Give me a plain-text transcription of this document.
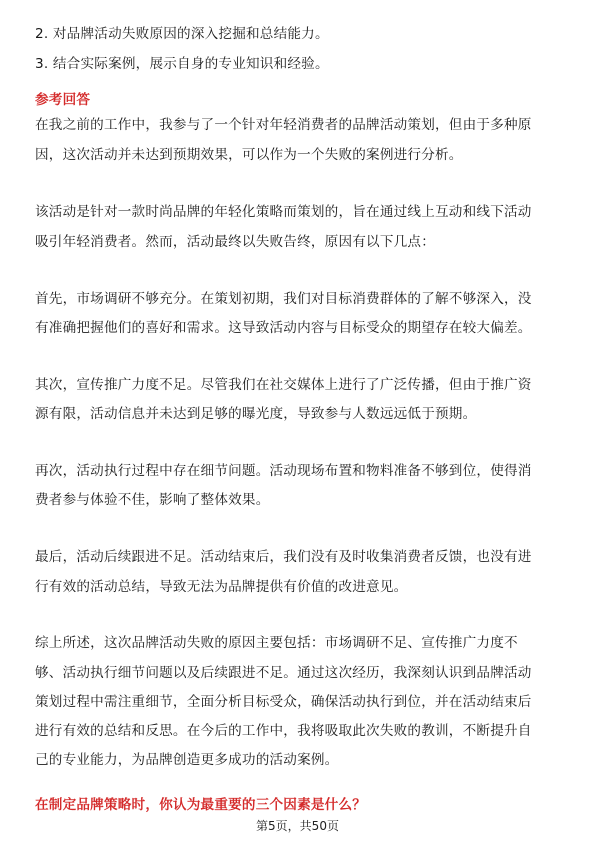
2. 对品牌活动失败原因的深入挖掘和总结能力。
3. 结合实际案例，展示自身的专业知识和经验。
参考回答
在我之前的工作中，我参与了一个针对年轻消费者的品牌活动策划，但由于多种原
因，这次活动并未达到预期效果，可以作为一个失败的案例进行分析。
该活动是针对一款时尚品牌的年轻化策略而策划的，旨在通过线上互动和线下活动
吸引年轻消费者。然而，活动最终以失败告终，原因有以下几点：
首先，市场调研不够充分。在策划初期，我们对目标消费群体的了解不够深入，没
有准确把握他们的喜好和需求。这导致活动内容与目标受众的期望存在较大偏差。
其次，宣传推广力度不足。尽管我们在社交媒体上进行了广泛传播，但由于推广资
源有限，活动信息并未达到足够的曝光度，导致参与人数远远低于预期。
再次，活动执行过程中存在细节问题。活动现场布置和物料准备不够到位，使得消
费者参与体验不佳，影响了整体效果。
最后，活动后续跟进不足。活动结束后，我们没有及时收集消费者反馈，也没有进
行有效的活动总结，导致无法为品牌提供有价值的改进意见。
综上所述，这次品牌活动失败的原因主要包括：市场调研不足、宣传推广力度不
够、活动执行细节问题以及后续跟进不足。通过这次经历，我深刻认识到品牌活动
策划过程中需注重细节，全面分析目标受众，确保活动执行到位，并在活动结束后
进行有效的总结和反思。在今后的工作中，我将吸取此次失败的教训，不断提升自
己的专业能力，为品牌创造更多成功的活动案例。
在制定品牌策略时，你认为最重要的三个因素是什么？
第5页，共50页
